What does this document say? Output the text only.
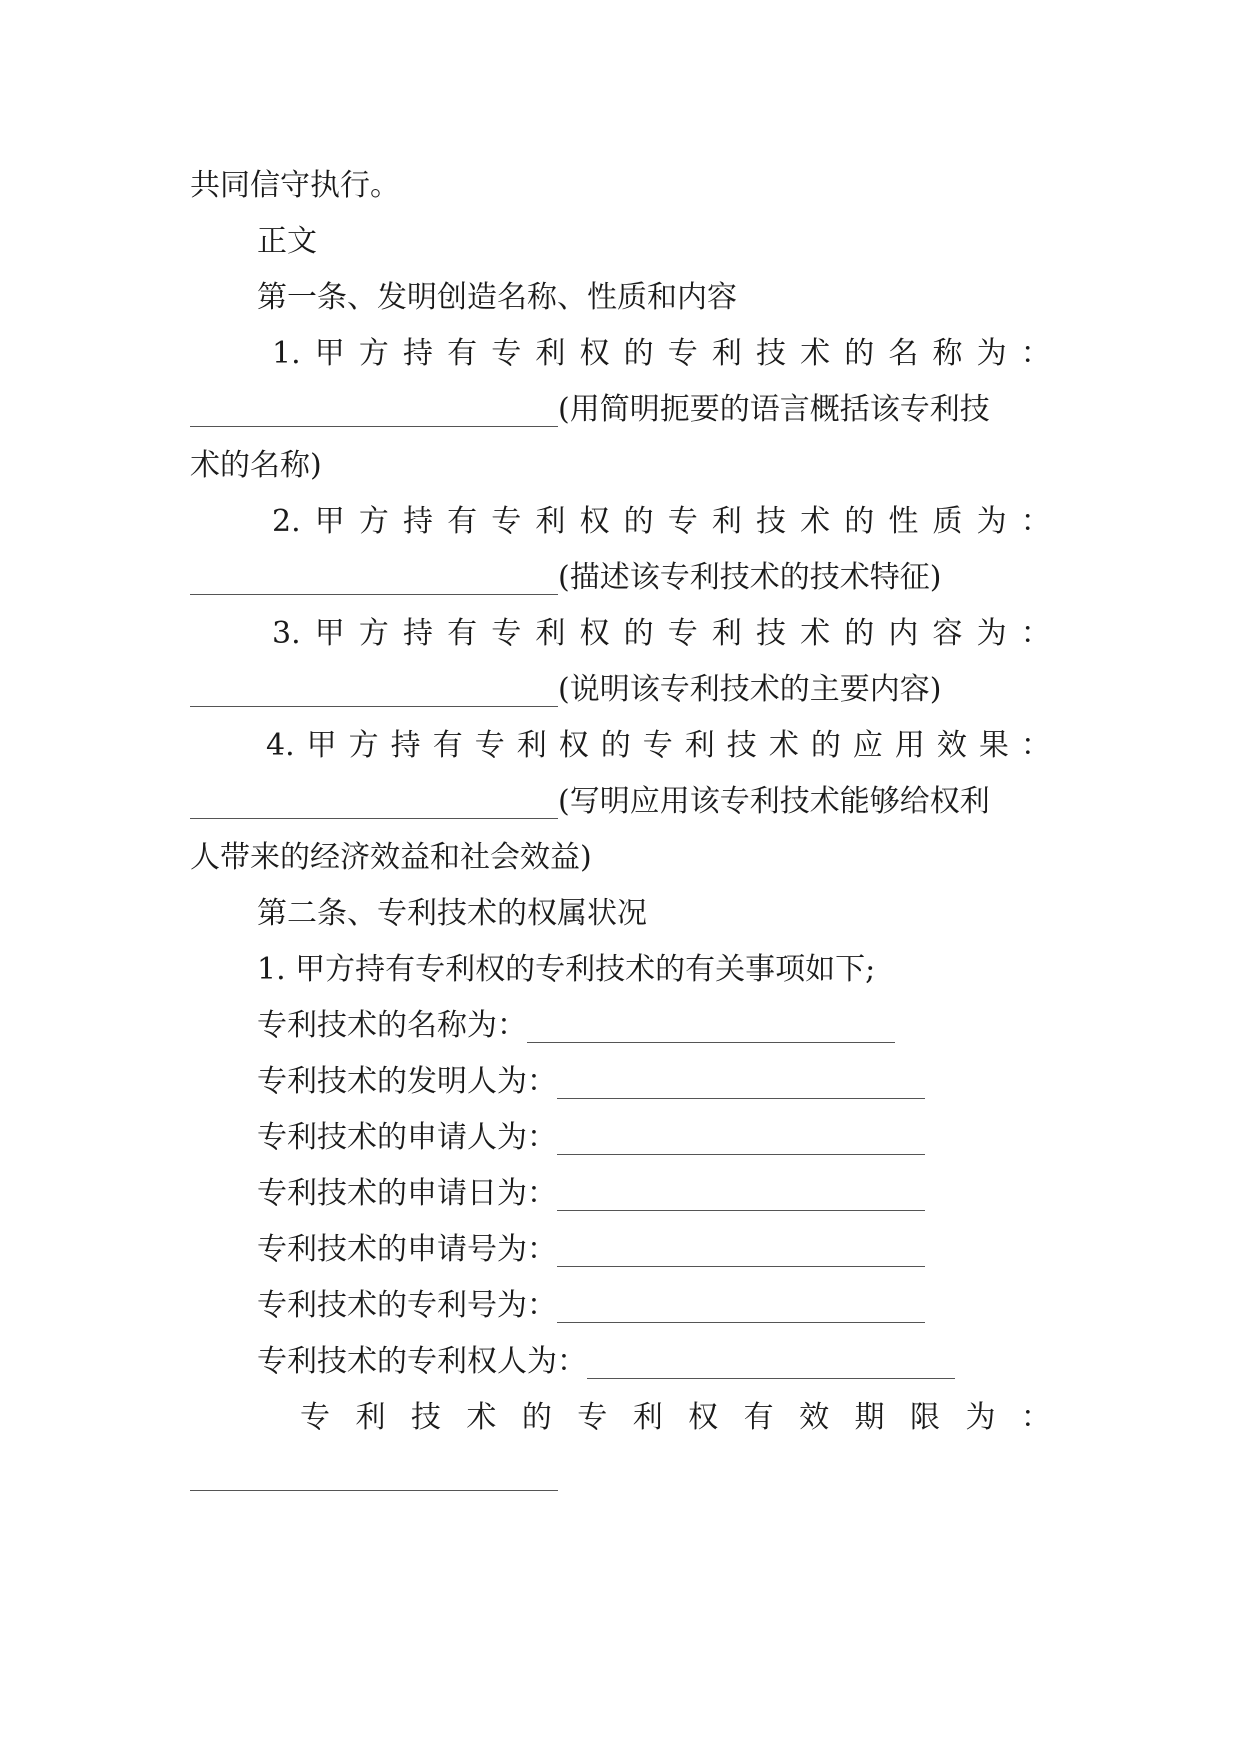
共同信守执行。
正文
第一条、发明创造名称、性质和内容
1. 甲 方 持 有 专 利 权 的 专 利 技 术 的 名 称 为 ：
(用简明扼要的语言概括该专利技
术的名称)
2. 甲 方 持 有 专 利 权 的 专 利 技 术 的 性 质 为 ：
(描述该专利技术的技术特征)
3. 甲 方 持 有 专 利 权 的 专 利 技 术 的 内 容 为 ：
(说明该专利技术的主要内容)
4. 甲 方 持 有 专 利 权 的 专 利 技 术 的 应 用 效 果 ：
(写明应用该专利技术能够给权利
人带来的经济效益和社会效益)
第二条、专利技术的权属状况
1. 甲方持有专利权的专利技术的有关事项如下;
专利技术的名称为：
专利技术的发明人为：
专利技术的申请人为：
专利技术的申请日为：
专利技术的申请号为：
专利技术的专利号为：
专利技术的专利权人为：
专 利 技 术 的 专 利 权 有 效 期 限 为 ：
